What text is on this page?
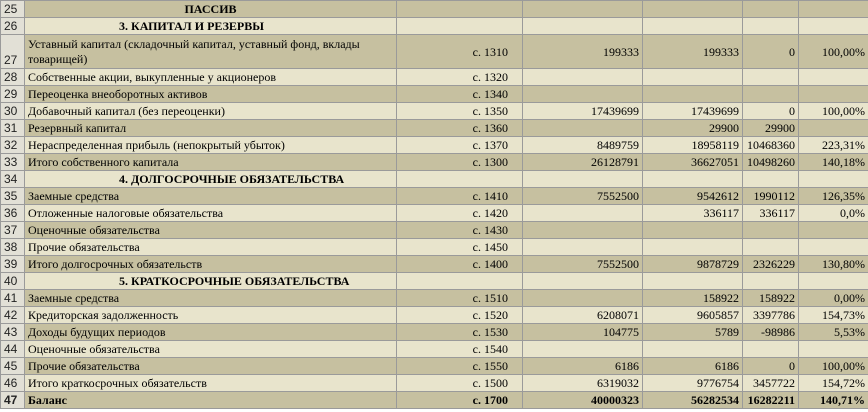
25	ПАССИВ					
26	3. КАПИТАЛ И РЕЗЕРВЫ					
27	Уставный капитал (складочный капитал, уставный фонд, вклады товарищей)	с. 1310	199333	199333	0	100,00%
28	Собственные акции, выкупленные у акционеров	с. 1320				
29	Переоценка внеоборотных активов	с. 1340				
30	Добавочный капитал (без переоценки)	с. 1350	17439699	17439699	0	100,00%
31	Резервный капитал	с. 1360		29900	29900	
32	Нераспределенная прибыль (непокрытый убыток)	с. 1370	8489759	18958119	10468360	223,31%
33	Итого собственного капитала	с. 1300	26128791	36627051	10498260	140,18%
34	4. ДОЛГОСРОЧНЫЕ ОБЯЗАТЕЛЬСТВА					
35	Заемные средства	с. 1410	7552500	9542612	1990112	126,35%
36	Отложенные налоговые обязательства	с. 1420		336117	336117	0,0%
37	Оценочные обязательства	с. 1430				
38	Прочие обязательства	с. 1450				
39	Итого долгосрочных обязательств	с. 1400	7552500	9878729	2326229	130,80%
40	5. КРАТКОСРОЧНЫЕ ОБЯЗАТЕЛЬСТВА					
41	Заемные средства	с. 1510		158922	158922	0,00%
42	Кредиторская задолженность	с. 1520	6208071	9605857	3397786	154,73%
43	Доходы будущих периодов	с. 1530	104775	5789	-98986	5,53%
44	Оценочные обязательства	с. 1540				
45	Прочие обязательства	с. 1550	6186	6186	0	100,00%
46	Итого краткосрочных обязательств	с. 1500	6319032	9776754	3457722	154,72%
47	Баланс	с. 1700	40000323	56282534	16282211	140,71%
